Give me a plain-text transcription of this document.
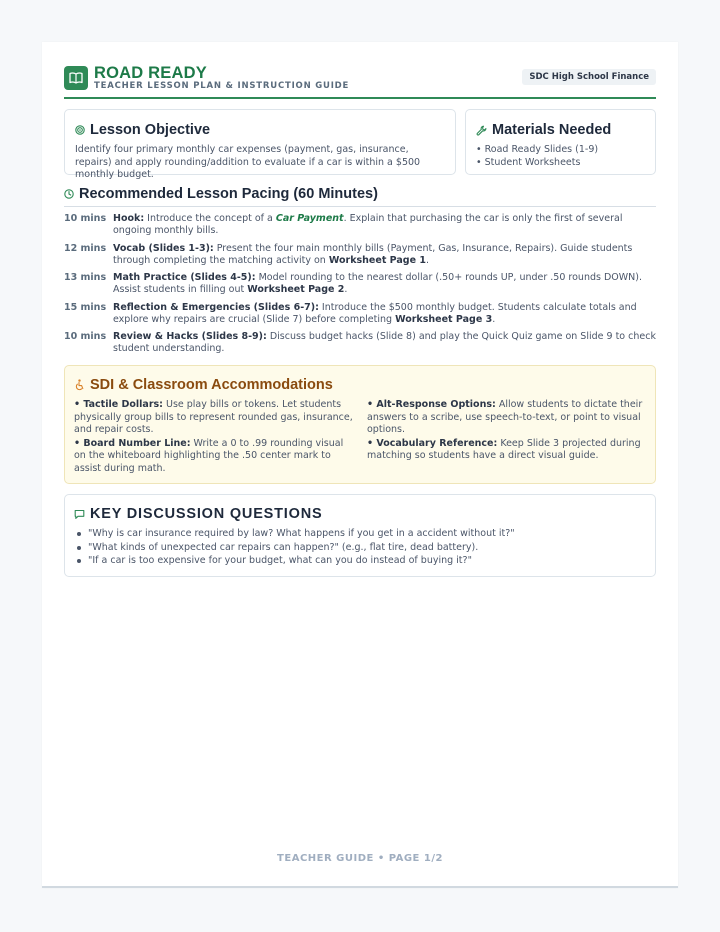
ROAD READY
TEACHER LESSON PLAN & INSTRUCTION GUIDE
SDC High School Finance
Lesson Objective
Identify four primary monthly car expenses (payment, gas, insurance, repairs) and apply rounding/addition to evaluate if a car is within a $500 monthly budget.
Materials Needed
• Road Ready Slides (1-9)
• Student Worksheets
Recommended Lesson Pacing (60 Minutes)
10 mins Hook: Introduce the concept of a Car Payment. Explain that purchasing the car is only the first of several ongoing monthly bills.
12 mins Vocab (Slides 1-3): Present the four main monthly bills (Payment, Gas, Insurance, Repairs). Guide students through completing the matching activity on Worksheet Page 1.
13 mins Math Practice (Slides 4-5): Model rounding to the nearest dollar (.50+ rounds UP, under .50 rounds DOWN). Assist students in filling out Worksheet Page 2.
15 mins Reflection & Emergencies (Slides 6-7): Introduce the $500 monthly budget. Students calculate totals and explore why repairs are crucial (Slide 7) before completing Worksheet Page 3.
10 mins Review & Hacks (Slides 8-9): Discuss budget hacks (Slide 8) and play the Quick Quiz game on Slide 9 to check student understanding.
SDI & Classroom Accommodations
• Tactile Dollars: Use play bills or tokens. Let students physically group bills to represent rounded gas, insurance, and repair costs.
• Board Number Line: Write a 0 to .99 rounding visual on the whiteboard highlighting the .50 center mark to assist during math.
• Alt-Response Options: Allow students to dictate their answers to a scribe, use speech-to-text, or point to visual options.
• Vocabulary Reference: Keep Slide 3 projected during matching so students have a direct visual guide.
KEY DISCUSSION QUESTIONS
"Why is car insurance required by law? What happens if you get in a accident without it?"
"What kinds of unexpected car repairs can happen?" (e.g., flat tire, dead battery).
"If a car is too expensive for your budget, what can you do instead of buying it?"
TEACHER GUIDE • PAGE 1/2
